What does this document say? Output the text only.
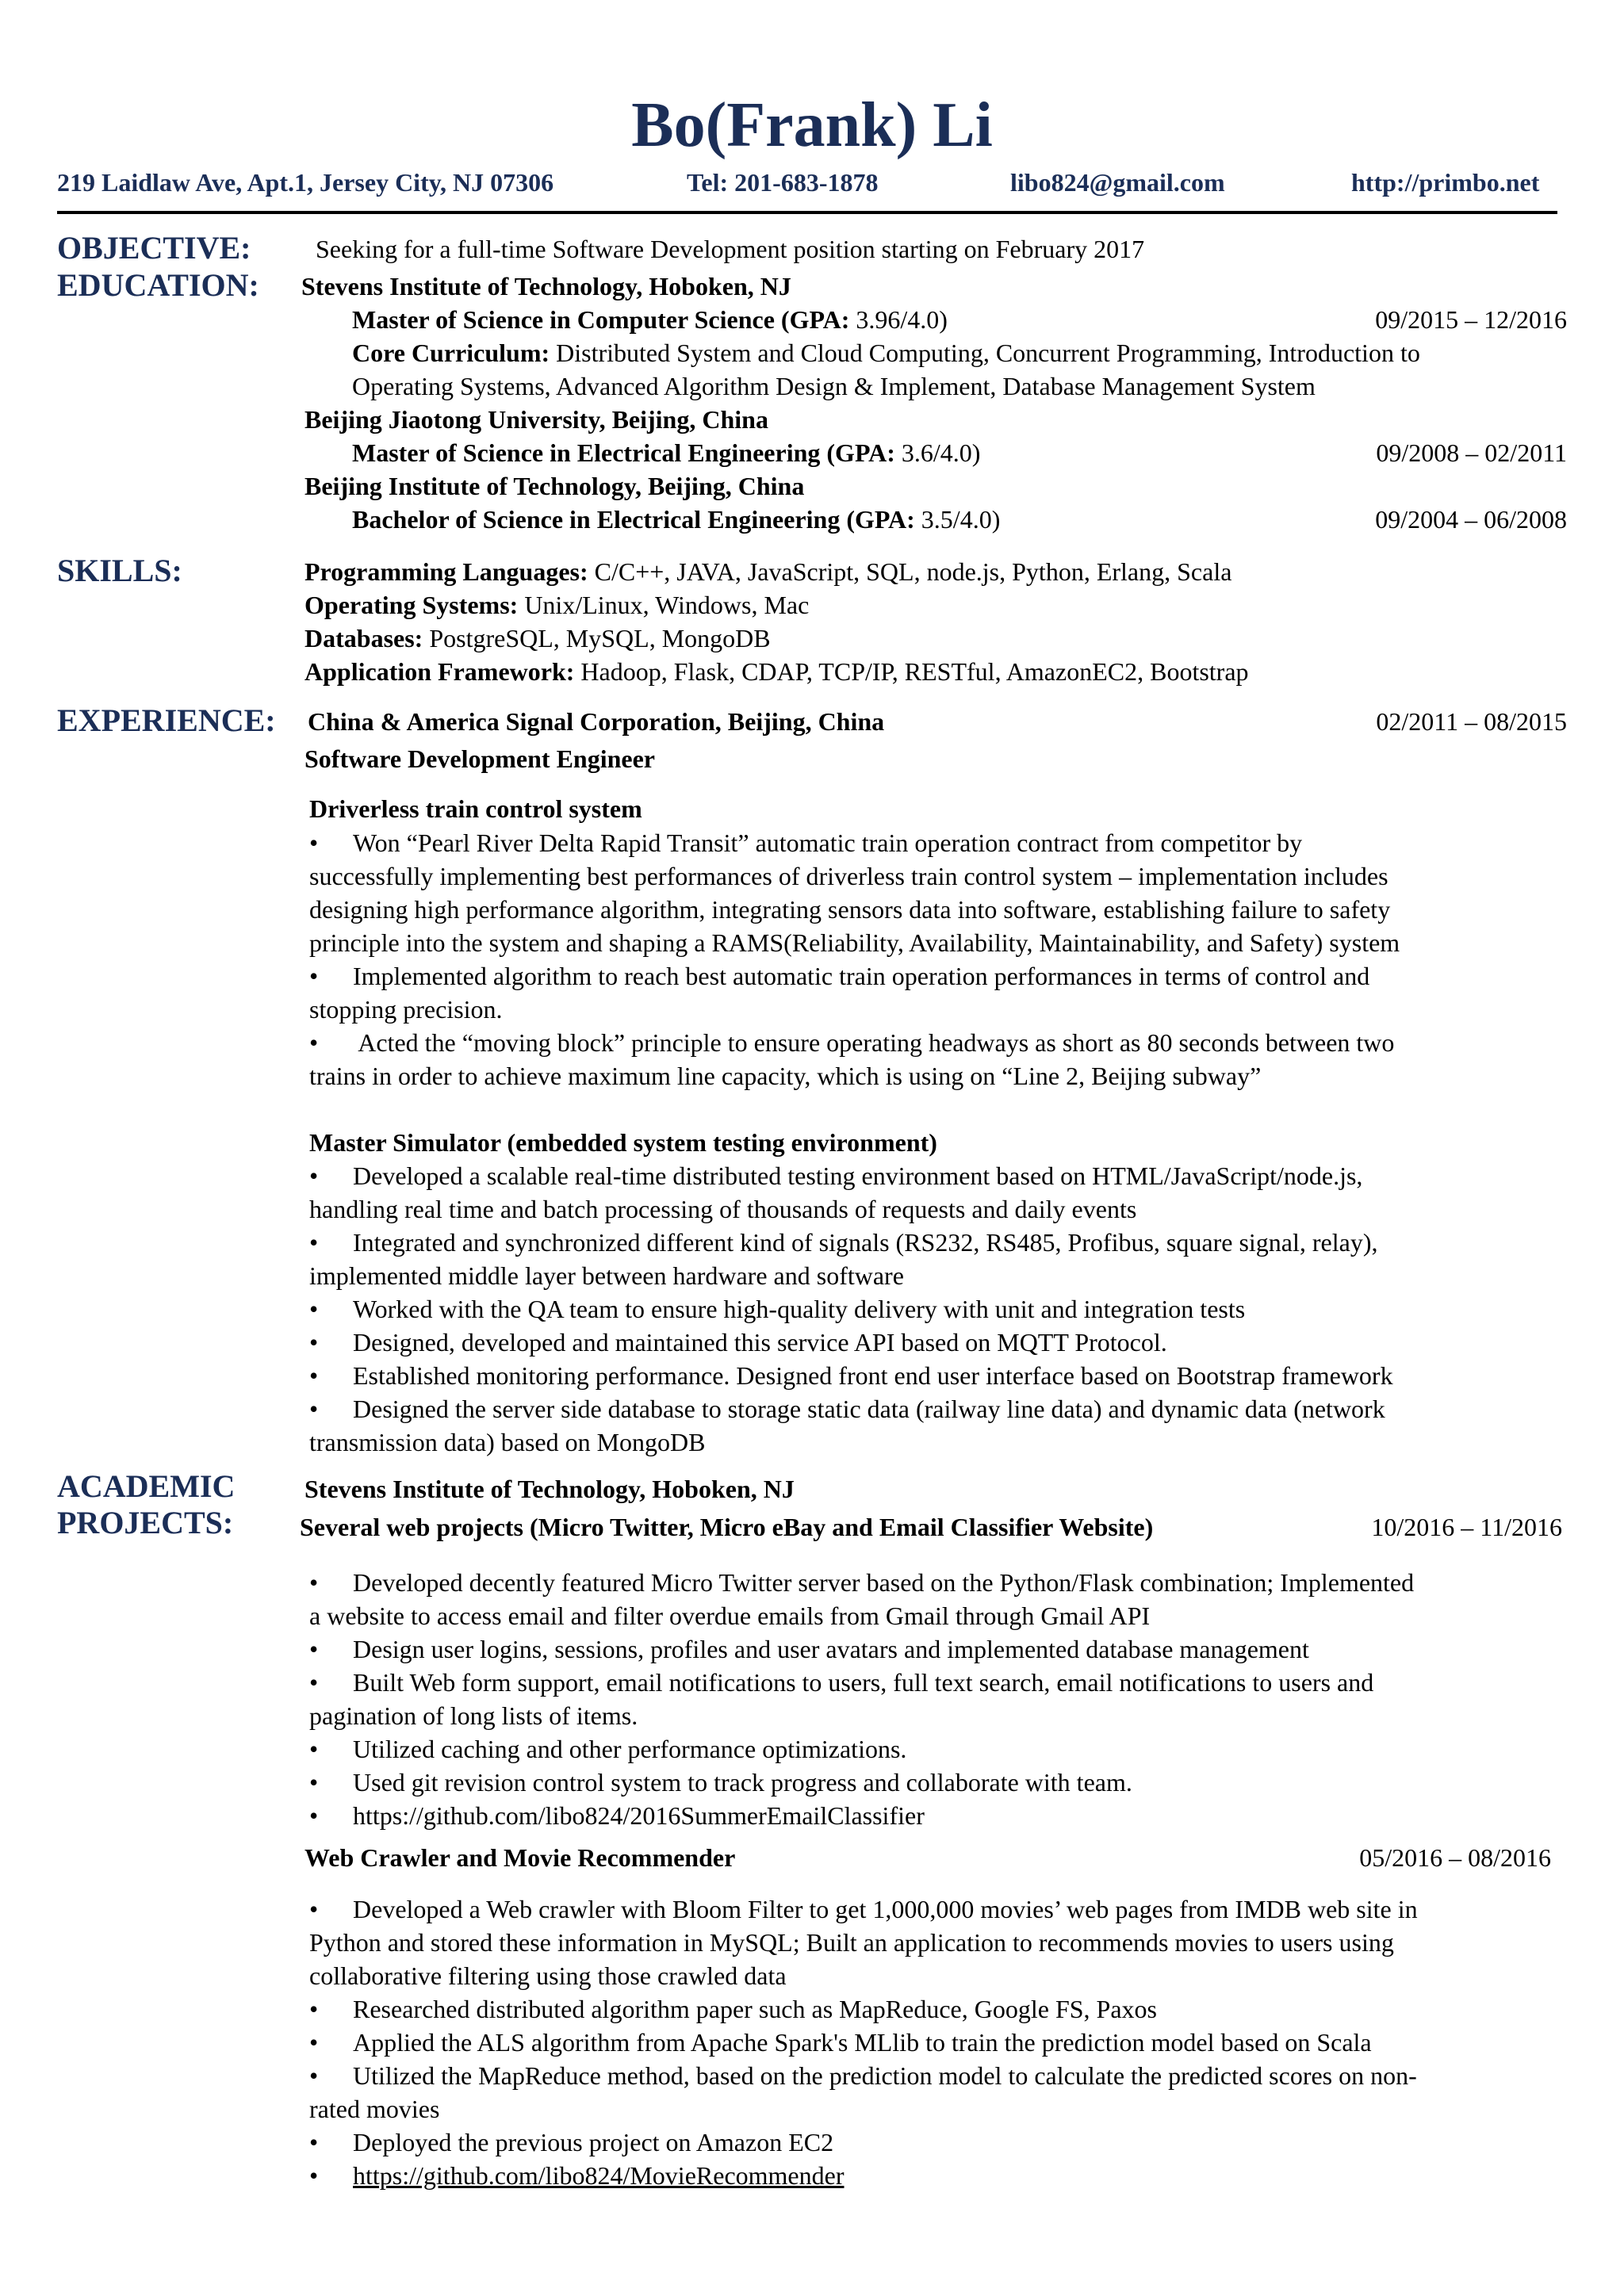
Bo(Frank) Li
219 Laidlaw Ave, Apt.1, Jersey City, NJ 07306	Tel: 201-683-1878	libo824@gmail.com	http://primbo.net
OBJECTIVE:	Seeking for a full-time Software Development position starting on February 2017
EDUCATION: Stevens Institute of Technology, Hoboken, NJ
Master of Science in Computer Science (GPA: 3.96/4.0)	09/2015 – 12/2016
Core Curriculum: Distributed System and Cloud Computing, Concurrent Programming, Introduction to
Operating Systems, Advanced Algorithm Design & Implement, Database Management System
Beijing Jiaotong University, Beijing, China
Master of Science in Electrical Engineering (GPA: 3.6/4.0)	09/2008 – 02/2011
Beijing Institute of Technology, Beijing, China
Bachelor of Science in Electrical Engineering (GPA: 3.5/4.0)	09/2004 – 06/2008
SKILLS:	Programming Languages: C/C++, JAVA, JavaScript, SQL, node.js, Python, Erlang, Scala
Operating Systems: Unix/Linux, Windows, Mac
Databases: PostgreSQL, MySQL, MongoDB
Application Framework: Hadoop, Flask, CDAP, TCP/IP, RESTful, AmazonEC2, Bootstrap
EXPERIENCE: China & America Signal Corporation, Beijing, China	02/2011 – 08/2015
Software Development Engineer
Driverless train control system
• Won “Pearl River Delta Rapid Transit” automatic train operation contract from competitor by
successfully implementing best performances of driverless train control system – implementation includes
designing high performance algorithm, integrating sensors data into software, establishing failure to safety
principle into the system and shaping a RAMS(Reliability, Availability, Maintainability, and Safety) system
• Implemented algorithm to reach best automatic train operation performances in terms of control and
stopping precision.
• Acted the “moving block” principle to ensure operating headways as short as 80 seconds between two
trains in order to achieve maximum line capacity, which is using on “Line 2, Beijing subway”
Master Simulator (embedded system testing environment)
• Developed a scalable real-time distributed testing environment based on HTML/JavaScript/node.js,
handling real time and batch processing of thousands of requests and daily events
• Integrated and synchronized different kind of signals (RS232, RS485, Profibus, square signal, relay),
implemented middle layer between hardware and software
• Worked with the QA team to ensure high-quality delivery with unit and integration tests
• Designed, developed and maintained this service API based on MQTT Protocol.
• Established monitoring performance. Designed front end user interface based on Bootstrap framework
• Designed the server side database to storage static data (railway line data) and dynamic data (network
transmission data) based on MongoDB
ACADEMIC
PROJECTS:
Stevens Institute of Technology, Hoboken, NJ
Several web projects (Micro Twitter, Micro eBay and Email Classifier Website)	10/2016 – 11/2016
• Developed decently featured Micro Twitter server based on the Python/Flask combination; Implemented
a website to access email and filter overdue emails from Gmail through Gmail API
• Design user logins, sessions, profiles and user avatars and implemented database management
• Built Web form support, email notifications to users, full text search, email notifications to users and
pagination of long lists of items.
• Utilized caching and other performance optimizations.
• Used git revision control system to track progress and collaborate with team.
• https://github.com/libo824/2016SummerEmailClassifier
Web Crawler and Movie Recommender	05/2016 – 08/2016
• Developed a Web crawler with Bloom Filter to get 1,000,000 movies’ web pages from IMDB web site in
Python and stored these information in MySQL; Built an application to recommends movies to users using
collaborative filtering using those crawled data
• Researched distributed algorithm paper such as MapReduce, Google FS, Paxos
• Applied the ALS algorithm from Apache Spark's MLlib to train the prediction model based on Scala
• Utilized the MapReduce method, based on the prediction model to calculate the predicted scores on non-
rated movies
• Deployed the previous project on Amazon EC2
• https://github.com/libo824/MovieRecommender
